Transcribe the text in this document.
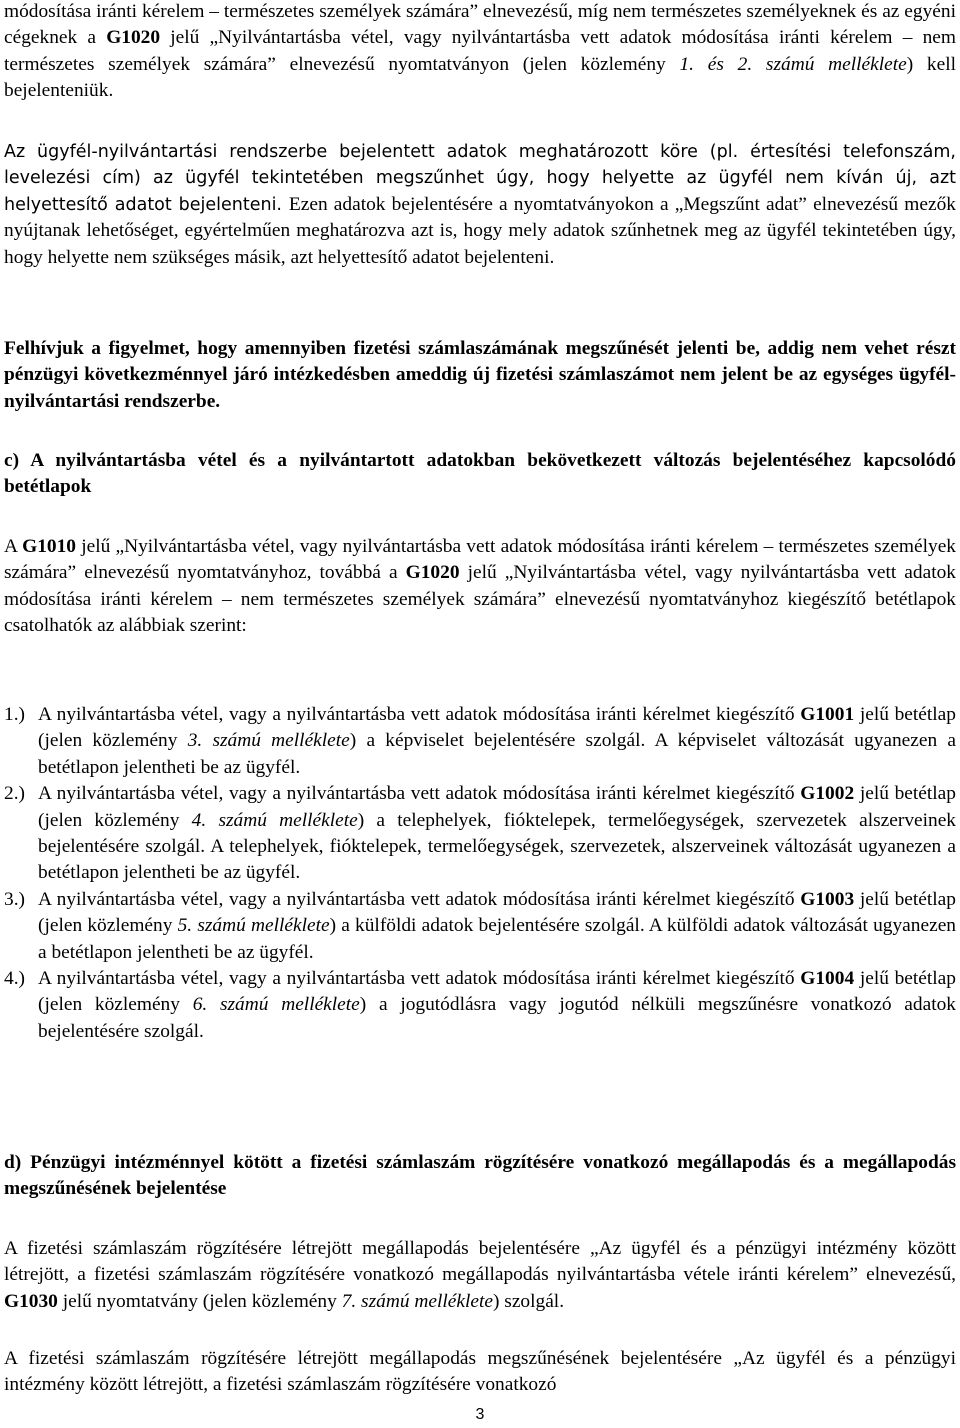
módosítása iránti kérelem – természetes személyek számára” elnevezésű, míg nem természetes személyeknek és az egyéni cégeknek a G1020 jelű „Nyilvántartásba vétel, vagy nyilvántartásba vett adatok módosítása iránti kérelem – nem természetes személyek számára” elnevezésű nyomtatványon (jelen közlemény 1. és 2. számú melléklete) kell bejelenteniük.

Az ügyfél-nyilvántartási rendszerbe bejelentett adatok meghatározott köre (pl. értesítési telefonszám, levelezési cím) az ügyfél tekintetében megszűnhet úgy, hogy helyette az ügyfél nem kíván új, azt helyettesítő adatot bejelenteni. Ezen adatok bejelentésére a nyomtatványokon a „Megszűnt adat” elnevezésű mezők nyújtanak lehetőséget, egyértelműen meghatározva azt is, hogy mely adatok szűnhetnek meg az ügyfél tekintetében úgy, hogy helyette nem szükséges másik, azt helyettesítő adatot bejelenteni.

Felhívjuk a figyelmet, hogy amennyiben fizetési számlaszámának megszűnését jelenti be, addig nem vehet részt pénzügyi következménnyel járó intézkedésben ameddig új fizetési számlaszámot nem jelent be az egységes ügyfél-nyilvántartási rendszerbe.

c) A nyilvántartásba vétel és a nyilvántartott adatokban bekövetkezett változás bejelentéséhez kapcsolódó betétlapok

A G1010 jelű „Nyilvántartásba vétel, vagy nyilvántartásba vett adatok módosítása iránti kérelem – természetes személyek számára” elnevezésű nyomtatványhoz, továbbá a G1020 jelű „Nyilvántartásba vétel, vagy nyilvántartásba vett adatok módosítása iránti kérelem – nem természetes személyek számára” elnevezésű nyomtatványhoz kiegészítő betétlapok csatolhatók az alábbiak szerint:

1.) A nyilvántartásba vétel, vagy a nyilvántartásba vett adatok módosítása iránti kérelmet kiegészítő G1001 jelű betétlap (jelen közlemény 3. számú melléklete) a képviselet bejelentésére szolgál. A képviselet változását ugyanezen a betétlapon jelentheti be az ügyfél.
2.) A nyilvántartásba vétel, vagy a nyilvántartásba vett adatok módosítása iránti kérelmet kiegészítő G1002 jelű betétlap (jelen közlemény 4. számú melléklete) a telephelyek, fióktelepek, termelőegységek, szervezetek alszerveinek bejelentésére szolgál. A telephelyek, fióktelepek, termelőegységek, szervezetek, alszerveinek változását ugyanezen a betétlapon jelentheti be az ügyfél.
3.) A nyilvántartásba vétel, vagy a nyilvántartásba vett adatok módosítása iránti kérelmet kiegészítő G1003 jelű betétlap (jelen közlemény 5. számú melléklete) a külföldi adatok bejelentésére szolgál. A külföldi adatok változását ugyanezen a betétlapon jelentheti be az ügyfél.
4.) A nyilvántartásba vétel, vagy a nyilvántartásba vett adatok módosítása iránti kérelmet kiegészítő G1004 jelű betétlap (jelen közlemény 6. számú melléklete) a jogutódlásra vagy jogutód nélküli megszűnésre vonatkozó adatok bejelentésére szolgál.

d) Pénzügyi intézménnyel kötött a fizetési számlaszám rögzítésére vonatkozó megállapodás és a megállapodás megszűnésének bejelentése

A fizetési számlaszám rögzítésére létrejött megállapodás bejelentésére „Az ügyfél és a pénzügyi intézmény között létrejött, a fizetési számlaszám rögzítésére vonatkozó megállapodás nyilvántartásba vétele iránti kérelem” elnevezésű, G1030 jelű nyomtatvány (jelen közlemény 7. számú melléklete) szolgál.

A fizetési számlaszám rögzítésére létrejött megállapodás megszűnésének bejelentésére „Az ügyfél és a pénzügyi intézmény között létrejött, a fizetési számlaszám rögzítésére vonatkozó

3
